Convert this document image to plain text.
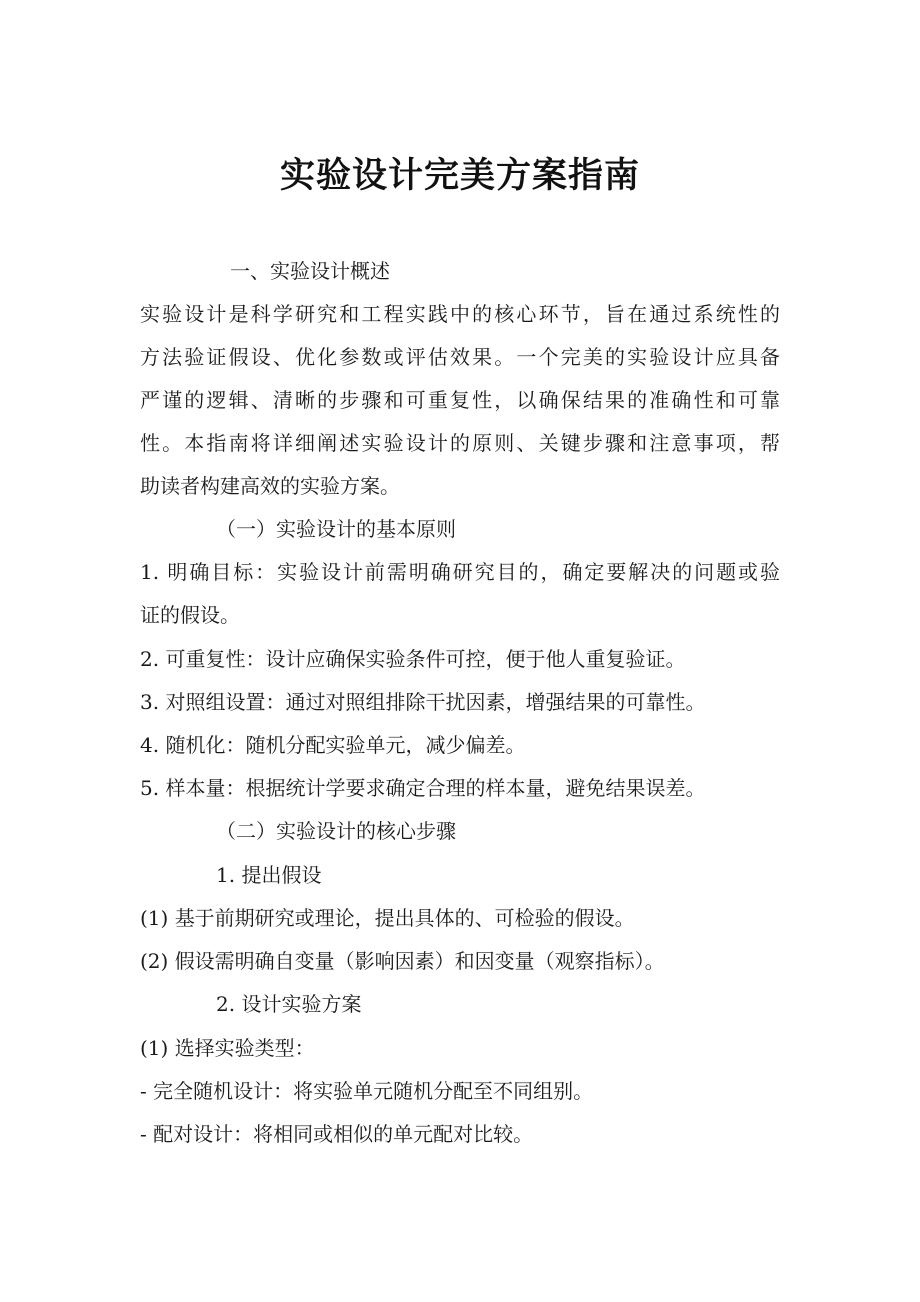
实验设计完美方案指南
一、实验设计概述
实验设计是科学研究和工程实践中的核心环节，旨在通过系统性的
方法验证假设、优化参数或评估效果。一个完美的实验设计应具备
严谨的逻辑、清晰的步骤和可重复性，以确保结果的准确性和可靠
性。本指南将详细阐述实验设计的原则、关键步骤和注意事项，帮
助读者构建高效的实验方案。
（一）实验设计的基本原则
1. 明确目标：实验设计前需明确研究目的，确定要解决的问题或验
证的假设。
2. 可重复性：设计应确保实验条件可控，便于他人重复验证。
3. 对照组设置：通过对照组排除干扰因素，增强结果的可靠性。
4. 随机化：随机分配实验单元，减少偏差。
5. 样本量：根据统计学要求确定合理的样本量，避免结果误差。
（二）实验设计的核心步骤
1. 提出假设
(1) 基于前期研究或理论，提出具体的、可检验的假设。
(2) 假设需明确自变量（影响因素）和因变量（观察指标）。
2. 设计实验方案
(1) 选择实验类型：
- 完全随机设计：将实验单元随机分配至不同组别。
- 配对设计：将相同或相似的单元配对比较。
